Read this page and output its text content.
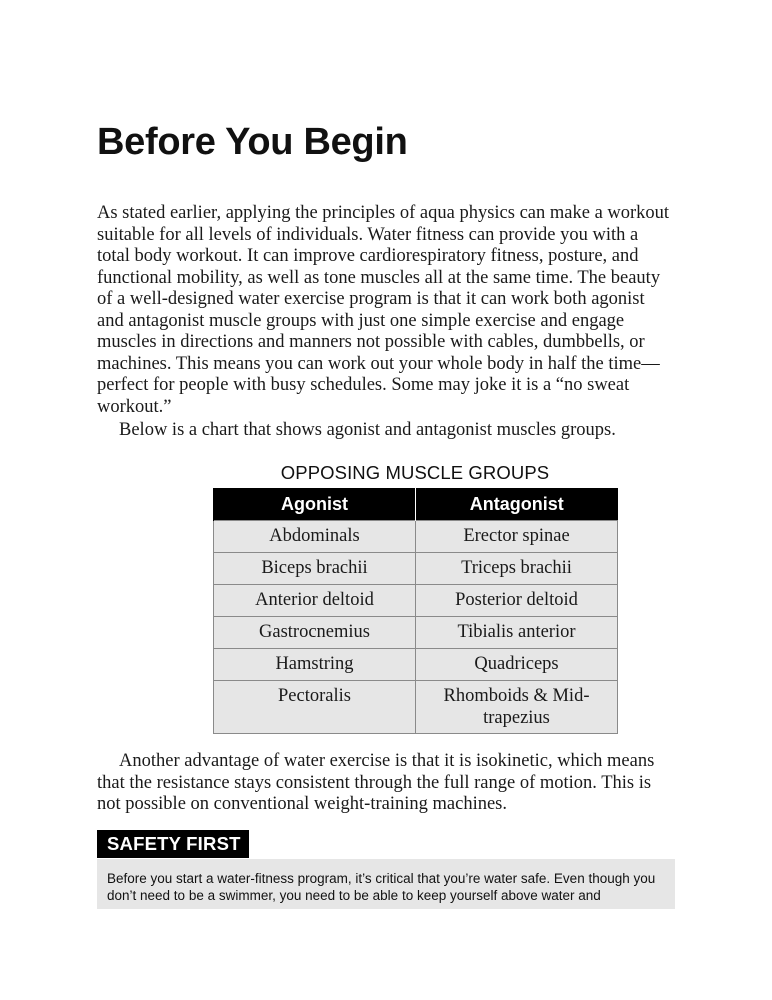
Before You Begin

As stated earlier, applying the principles of aqua physics can make a workout suitable for all levels of individuals. Water fitness can provide you with a total body workout. It can improve cardiorespiratory fitness, posture, and functional mobility, as well as tone muscles all at the same time. The beauty of a well-designed water exercise program is that it can work both agonist and antagonist muscle groups with just one simple exercise and engage muscles in directions and manners not possible with cables, dumbbells, or machines. This means you can work out your whole body in half the time—perfect for people with busy schedules. Some may joke it is a “no sweat workout.”

Below is a chart that shows agonist and antagonist muscles groups.

OPPOSING MUSCLE GROUPS
Agonist	Antagonist
Abdominals	Erector spinae
Biceps brachii	Triceps brachii
Anterior deltoid	Posterior deltoid
Gastrocnemius	Tibialis anterior
Hamstring	Quadriceps
Pectoralis	Rhomboids & Mid-trapezius

Another advantage of water exercise is that it is isokinetic, which means that the resistance stays consistent through the full range of motion. This is not possible on conventional weight-training machines.

SAFETY FIRST
Before you start a water-fitness program, it’s critical that you’re water safe. Even though you don’t need to be a swimmer, you need to be able to keep yourself above water and
